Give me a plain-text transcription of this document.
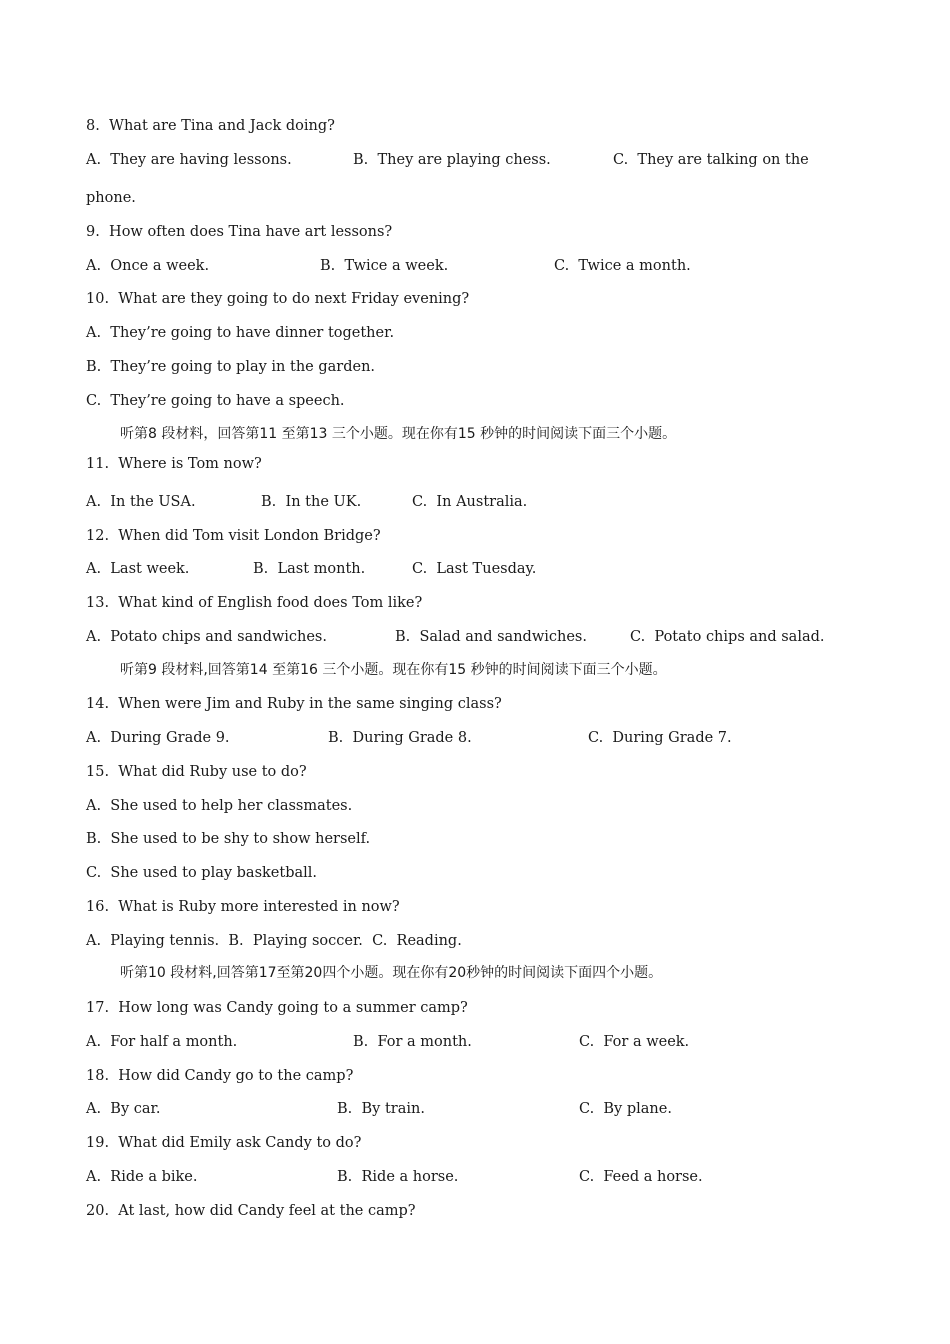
8.  What are Tina and Jack doing?
A.  They are having lessons.	B.  They are playing chess.	C.  They are talking on the
phone.
9.  How often does Tina have art lessons?
A.  Once a week.	B.  Twice a week.	C.  Twice a month.
10.  What are they going to do next Friday evening?
A.  They’re going to have dinner together.
B.  They’re going to play in the garden.
C.  They’re going to have a speech.
听第8 段材料，回答第11 至第13 三个小题。现在你有15 秒钟的时间阅读下面三个小题。
11.  Where is Tom now?
A.  In the USA.	B.  In the UK.	C.  In Australia.
12.  When did Tom visit London Bridge?
A.  Last week.	B.  Last month.	C.  Last Tuesday.
13.  What kind of English food does Tom like?
A.  Potato chips and sandwiches.	B.  Salad and sandwiches.	C.  Potato chips and salad.
听第9 段材料,回答第14 至第16 三个小题。现在你有15 秒钟的时间阅读下面三个小题。
14.  When were Jim and Ruby in the same singing class?
A.  During Grade 9.	B.  During Grade 8.	C.  During Grade 7.
15.  What did Ruby use to do?
A.  She used to help her classmates.
B.  She used to be shy to show herself.
C.  She used to play basketball.
16.  What is Ruby more interested in now?
A.  Playing tennis.  B.  Playing soccer.  C.  Reading.
听第10 段材料,回答第17至第20四个小题。现在你有20秒钟的时间阅读下面四个小题。
17.  How long was Candy going to a summer camp?
A.  For half a month.	B.  For a month.	C.  For a week.
18.  How did Candy go to the camp?
A.  By car.	B.  By train.	C.  By plane.
19.  What did Emily ask Candy to do?
A.  Ride a bike.	B.  Ride a horse.	C.  Feed a horse.
20.  At last, how did Candy feel at the camp?
